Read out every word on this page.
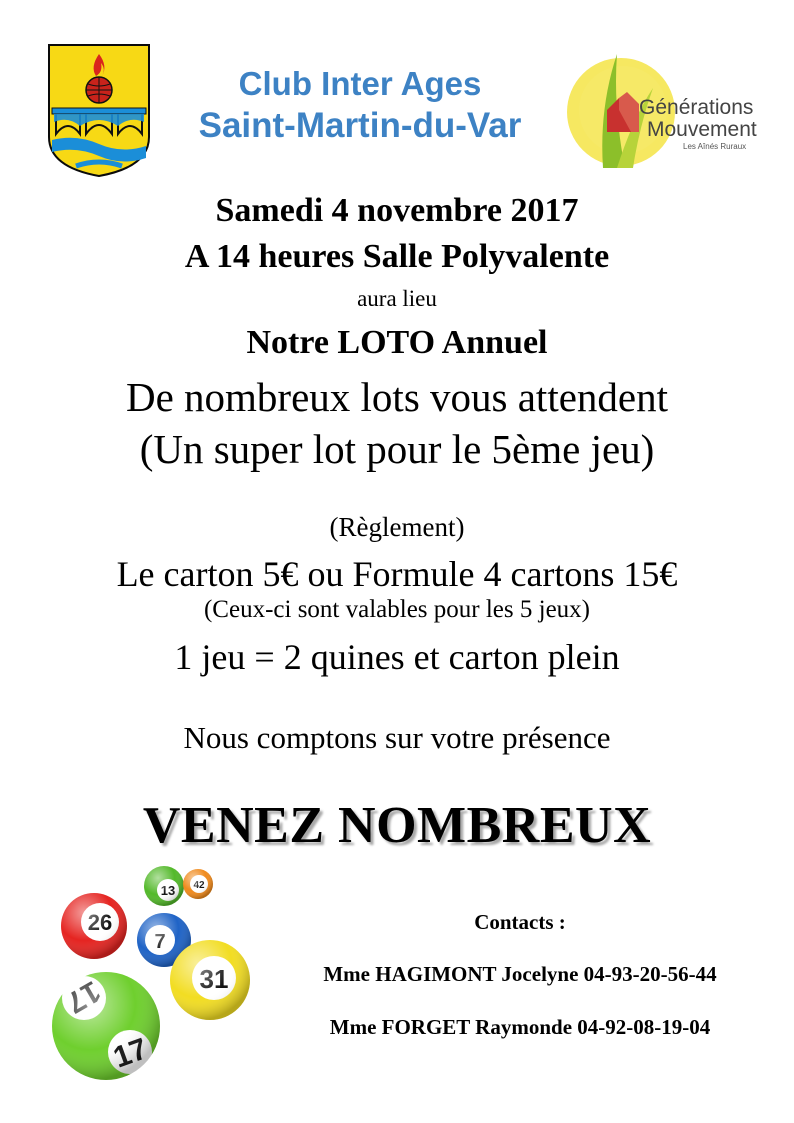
Club Inter Ages
Saint-Martin-du-Var	Générations
Mouvement
Les Aînés Ruraux
Samedi 4 novembre 2017
A 14 heures Salle Polyvalente
aura lieu
Notre LOTO Annuel
De nombreux lots vous attendent
(Un super lot pour le 5ème jeu)
(Règlement)
Le carton 5€ ou Formule 4 cartons 15€
(Ceux-ci sont valables pour les 5 jeux)
1 jeu = 2 quines et carton plein
Nous comptons sur votre présence
VENEZ NOMBREUX
Contacts :
Mme HAGIMONT Jocelyne 04-93-20-56-44
Mme FORGET Raymonde 04-92-08-19-04
